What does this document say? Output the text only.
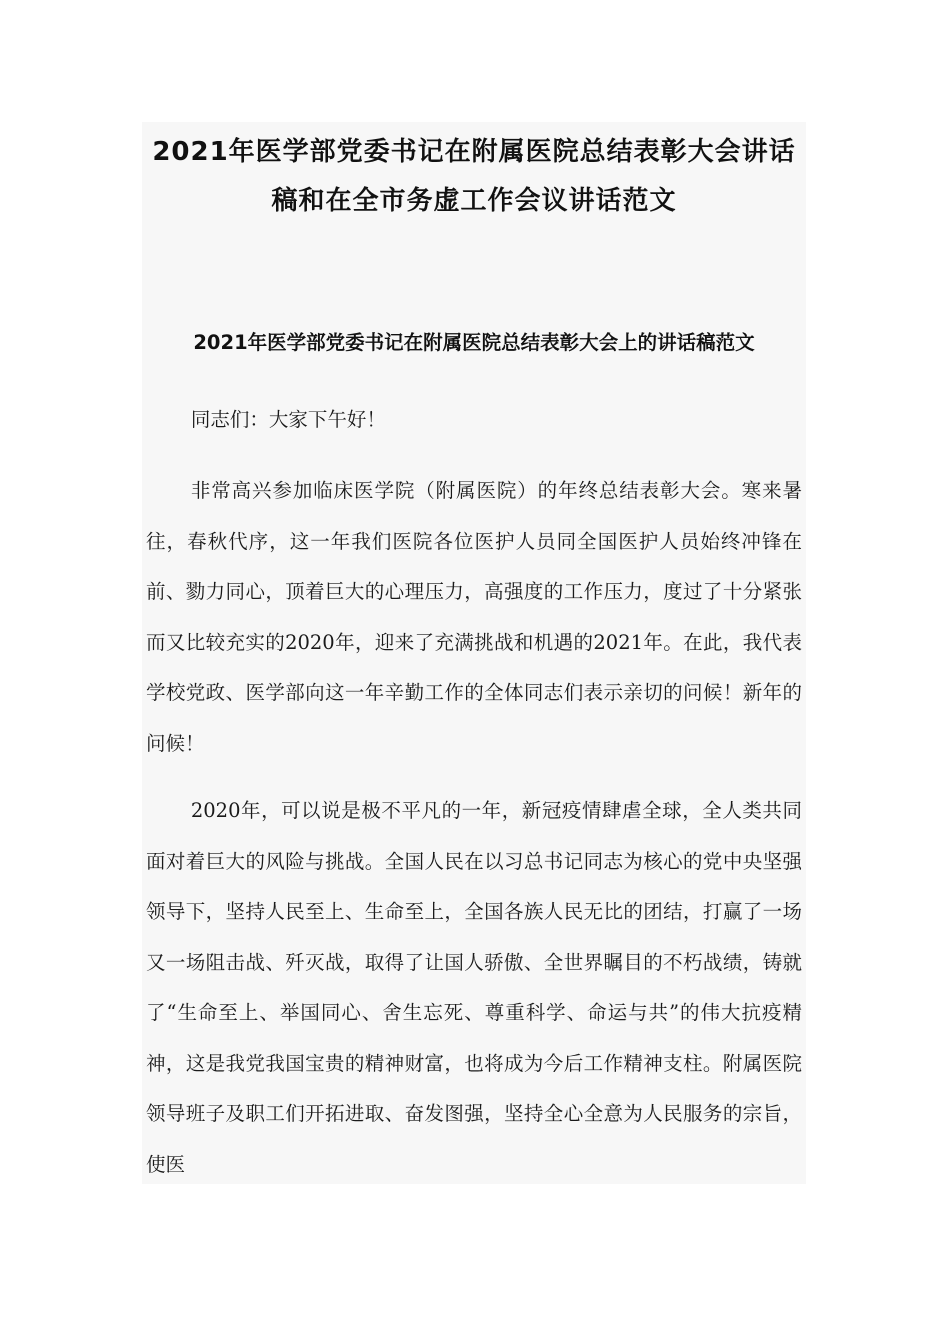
2021年医学部党委书记在附属医院总结表彰大会讲话稿和在全市务虚工作会议讲话范文
2021年医学部党委书记在附属医院总结表彰大会上的讲话稿范文

同志们：大家下午好！

非常高兴参加临床医学院（附属医院）的年终总结表彰大会。寒来暑往，春秋代序，这一年我们医院各位医护人员同全国医护人员始终冲锋在前、勠力同心，顶着巨大的心理压力，高强度的工作压力，度过了十分紧张而又比较充实的2020年，迎来了充满挑战和机遇的2021年。在此，我代表学校党政、医学部向这一年辛勤工作的全体同志们表示亲切的问候！新年的问候！

2020年，可以说是极不平凡的一年，新冠疫情肆虐全球，全人类共同面对着巨大的风险与挑战。全国人民在以习总书记同志为核心的党中央坚强领导下，坚持人民至上、生命至上，全国各族人民无比的团结，打赢了一场又一场阻击战、歼灭战，取得了让国人骄傲、全世界瞩目的不朽战绩，铸就了“生命至上、举国同心、舍生忘死、尊重科学、命运与共”的伟大抗疫精神，这是我党我国宝贵的精神财富，也将成为今后工作精神支柱。附属医院领导班子及职工们开拓进取、奋发图强，坚持全心全意为人民服务的宗旨，使医
